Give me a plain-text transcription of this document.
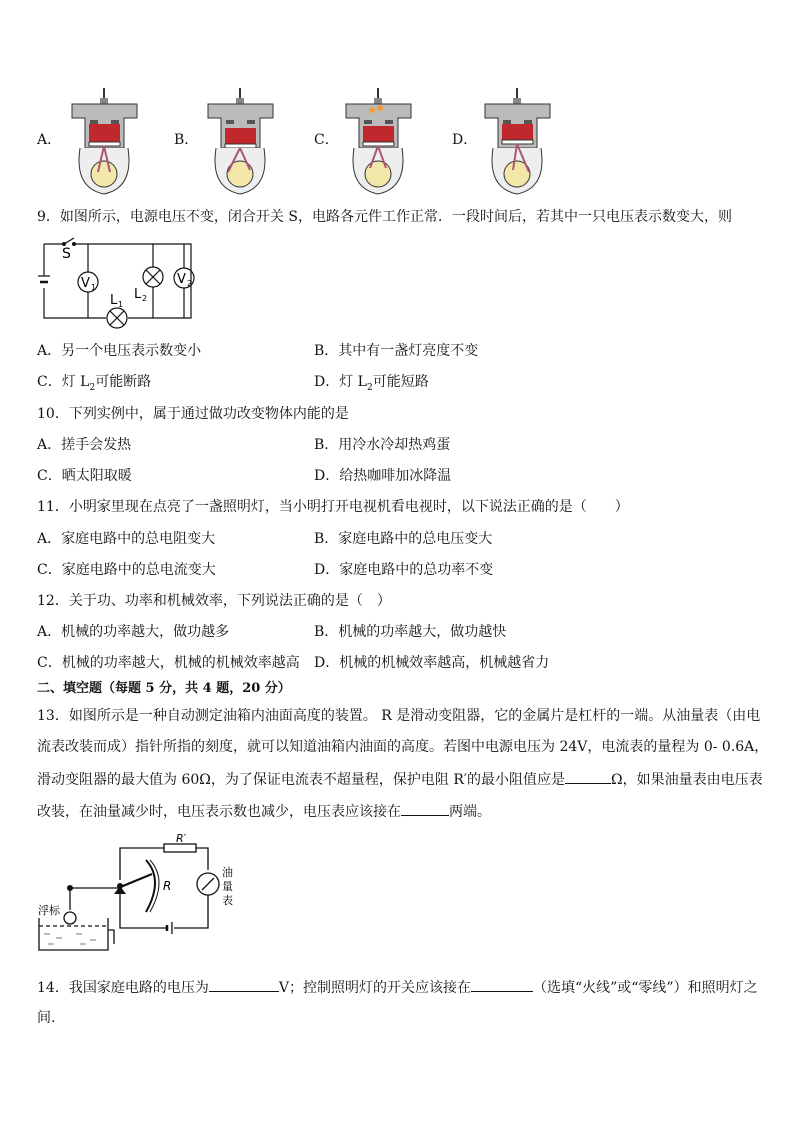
A．	B．	C．	D．
9．如图所示，电源电压不变，闭合开关 S，电路各元件工作正常．一段时间后，若其中一只电压表示数变大，则
S
V 1
V 2
L 2
L 1
A．另一个电压表示数变小	B．其中有一盏灯亮度不变
C．灯 $L_2$可能断路	D．灯 $L_2$可能短路
10．下列实例中，属于通过做功改变物体内能的是
A．搓手会发热	B．用冷水冷却热鸡蛋
C．晒太阳取暖	D．给热咖啡加冰降温
11．小明家里现在点亮了一盏照明灯，当小明打开电视机看电视时，以下说法正确的是（　　）
A．家庭电路中的总电阻变大	B．家庭电路中的总电压变大
C．家庭电路中的总电流变大	D．家庭电路中的总功率不变
12．关于功、功率和机械效率，下列说法正确的是（　）
A．机械的功率越大，做功越多	B．机械的功率越大，做功越快
C．机械的功率越大，机械的机械效率越高 D．机械的机械效率越高，机械越省力
二、填空题（每题 5 分，共 4 题，20 分）
13．如图所示是一种自动测定油箱内油面高度的装置。 R 是滑动变阻器，它的金属片是杠杆的一端。从油量表（由电
流表改装而成）指针所指的刻度，就可以知道油箱内油面的高度。若图中电源电压为 24V，电流表的量程为 0- 0.6A，
滑动变阻器的最大值为 60Ω，为了保证电流表不超量程，保护电阻 R′的最小阻值应是	Ω，如果油量表由电压表
改装，在油量减少时，电压表示数也减少，电压表应该接在	两端。
R′
R
浮标
油
量
表
14．我国家庭电路的电压为	V；控制照明灯的开关应该接在	（选填“火线”或“零线”）和照明灯之
间.
